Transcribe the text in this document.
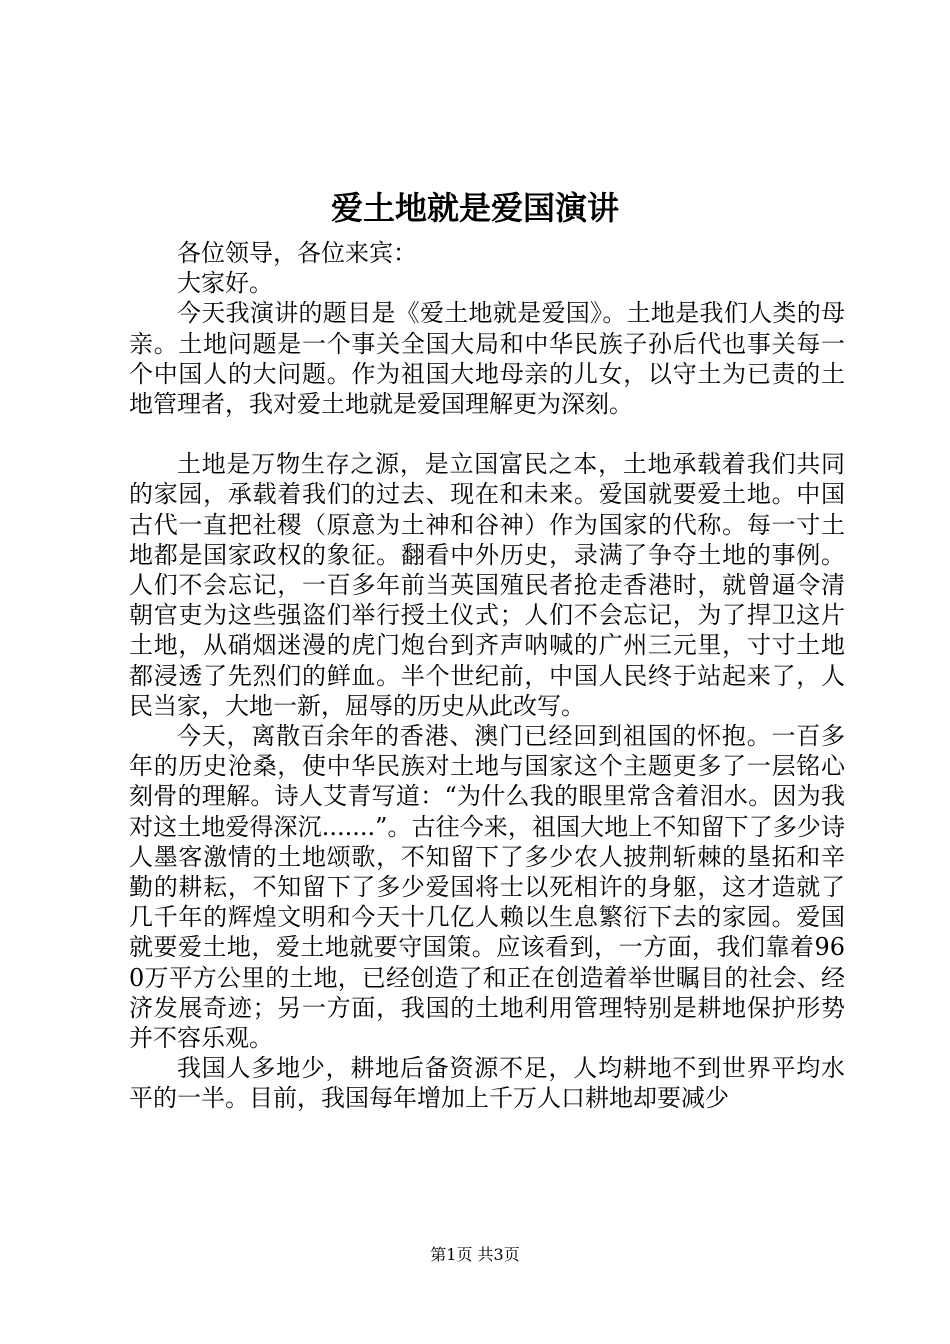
爱土地就是爱国演讲

各位领导，各位来宾：

大家好。

今天我演讲的题目是《爱土地就是爱国》。土地是我们人类的母亲。土地问题是一个事关全国大局和中华民族子孙后代也事关每一个中国人的大问题。作为祖国大地母亲的儿女，以守土为已责的土地管理者，我对爱土地就是爱国理解更为深刻。

土地是万物生存之源，是立国富民之本，土地承载着我们共同的家园，承载着我们的过去、现在和未来。爱国就要爱土地。中国古代一直把社稷（原意为土神和谷神）作为国家的代称。每一寸土地都是国家政权的象征。翻看中外历史，录满了争夺土地的事例。人们不会忘记，一百多年前当英国殖民者抢走香港时，就曾逼令清朝官吏为这些强盗们举行授土仪式；人们不会忘记，为了捍卫这片土地，从硝烟迷漫的虎门炮台到齐声呐喊的广州三元里，寸寸土地都浸透了先烈们的鲜血。半个世纪前，中国人民终于站起来了，人民当家，大地一新，屈辱的历史从此改写。

今天，离散百余年的香港、澳门已经回到祖国的怀抱。一百多年的历史沧桑，使中华民族对土地与国家这个主题更多了一层铭心刻骨的理解。诗人艾青写道：“为什么我的眼里常含着泪水。因为我对这土地爱得深沉.......”。古往今来，祖国大地上不知留下了多少诗人墨客激情的土地颂歌，不知留下了多少农人披荆斩棘的垦拓和辛勤的耕耘，不知留下了多少爱国将士以死相许的身躯，这才造就了几千年的辉煌文明和今天十几亿人赖以生息繁衍下去的家园。爱国就要爱土地，爱土地就要守国策。应该看到，一方面，我们靠着960万平方公里的土地，已经创造了和正在创造着举世瞩目的社会、经济发展奇迹；另一方面，我国的土地利用管理特别是耕地保护形势并不容乐观。

我国人多地少，耕地后备资源不足，人均耕地不到世界平均水平的一半。目前，我国每年增加上千万人口耕地却要减少

第1页 共3页
